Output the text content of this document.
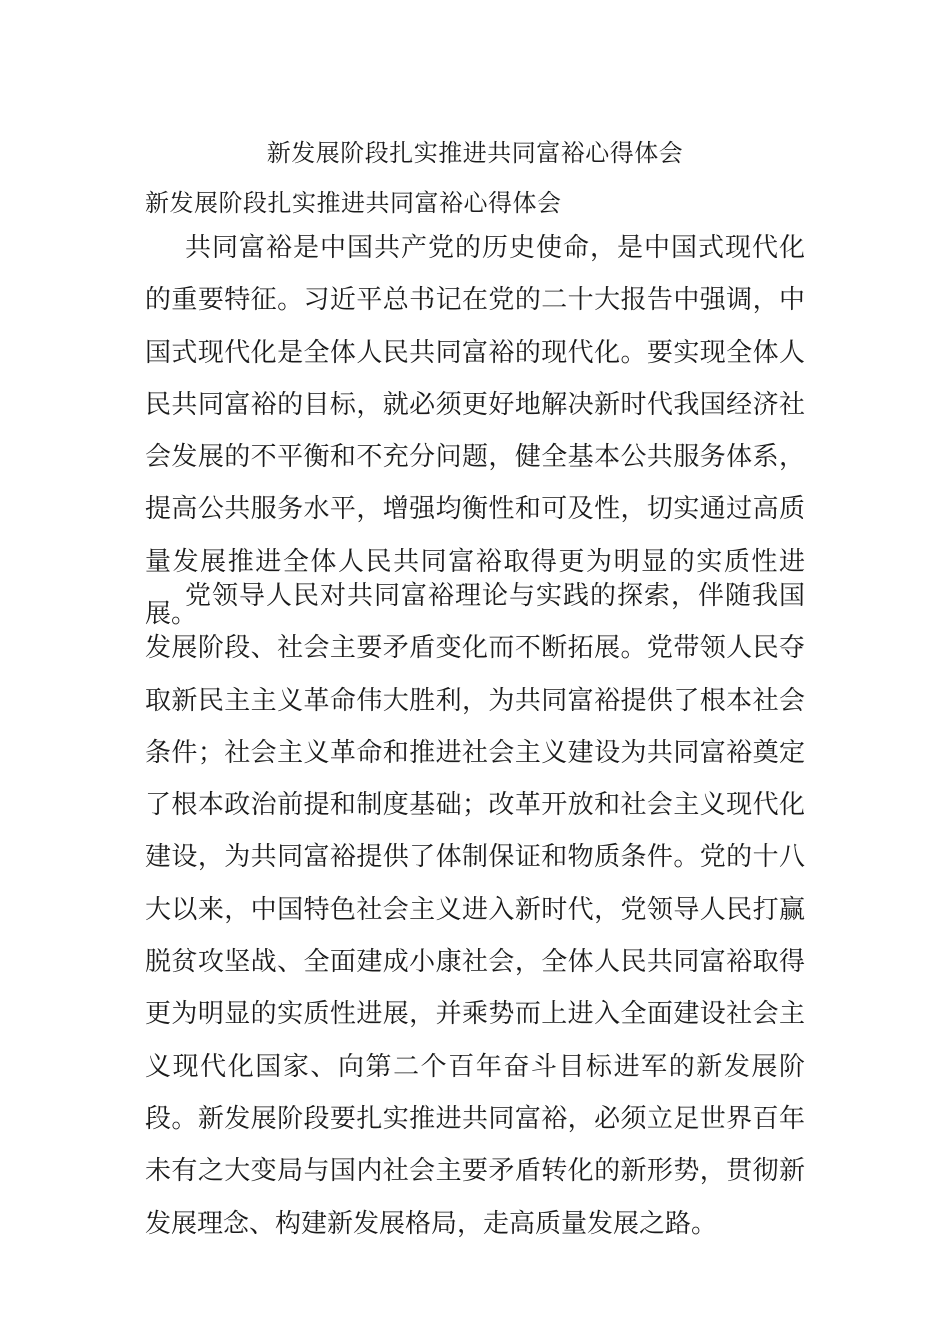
新发展阶段扎实推进共同富裕心得体会
新发展阶段扎实推进共同富裕心得体会

共同富裕是中国共产党的历史使命，是中国式现代化的重要特征。习近平总书记在党的二十大报告中强调，中国式现代化是全体人民共同富裕的现代化。要实现全体人民共同富裕的目标，就必须更好地解决新时代我国经济社会发展的不平衡和不充分问题，健全基本公共服务体系，提高公共服务水平，增强均衡性和可及性，切实通过高质量发展推进全体人民共同富裕取得更为明显的实质性进展。

党领导人民对共同富裕理论与实践的探索，伴随我国发展阶段、社会主要矛盾变化而不断拓展。党带领人民夺取新民主主义革命伟大胜利，为共同富裕提供了根本社会条件；社会主义革命和推进社会主义建设为共同富裕奠定了根本政治前提和制度基础；改革开放和社会主义现代化建设，为共同富裕提供了体制保证和物质条件。党的十八大以来，中国特色社会主义进入新时代，党领导人民打赢脱贫攻坚战、全面建成小康社会，全体人民共同富裕取得更为明显的实质性进展，并乘势而上进入全面建设社会主义现代化国家、向第二个百年奋斗目标进军的新发展阶段。新发展阶段要扎实推进共同富裕，必须立足世界百年未有之大变局与国内社会主要矛盾转化的新形势，贯彻新发展理念、构建新发展格局，走高质量发展之路。
